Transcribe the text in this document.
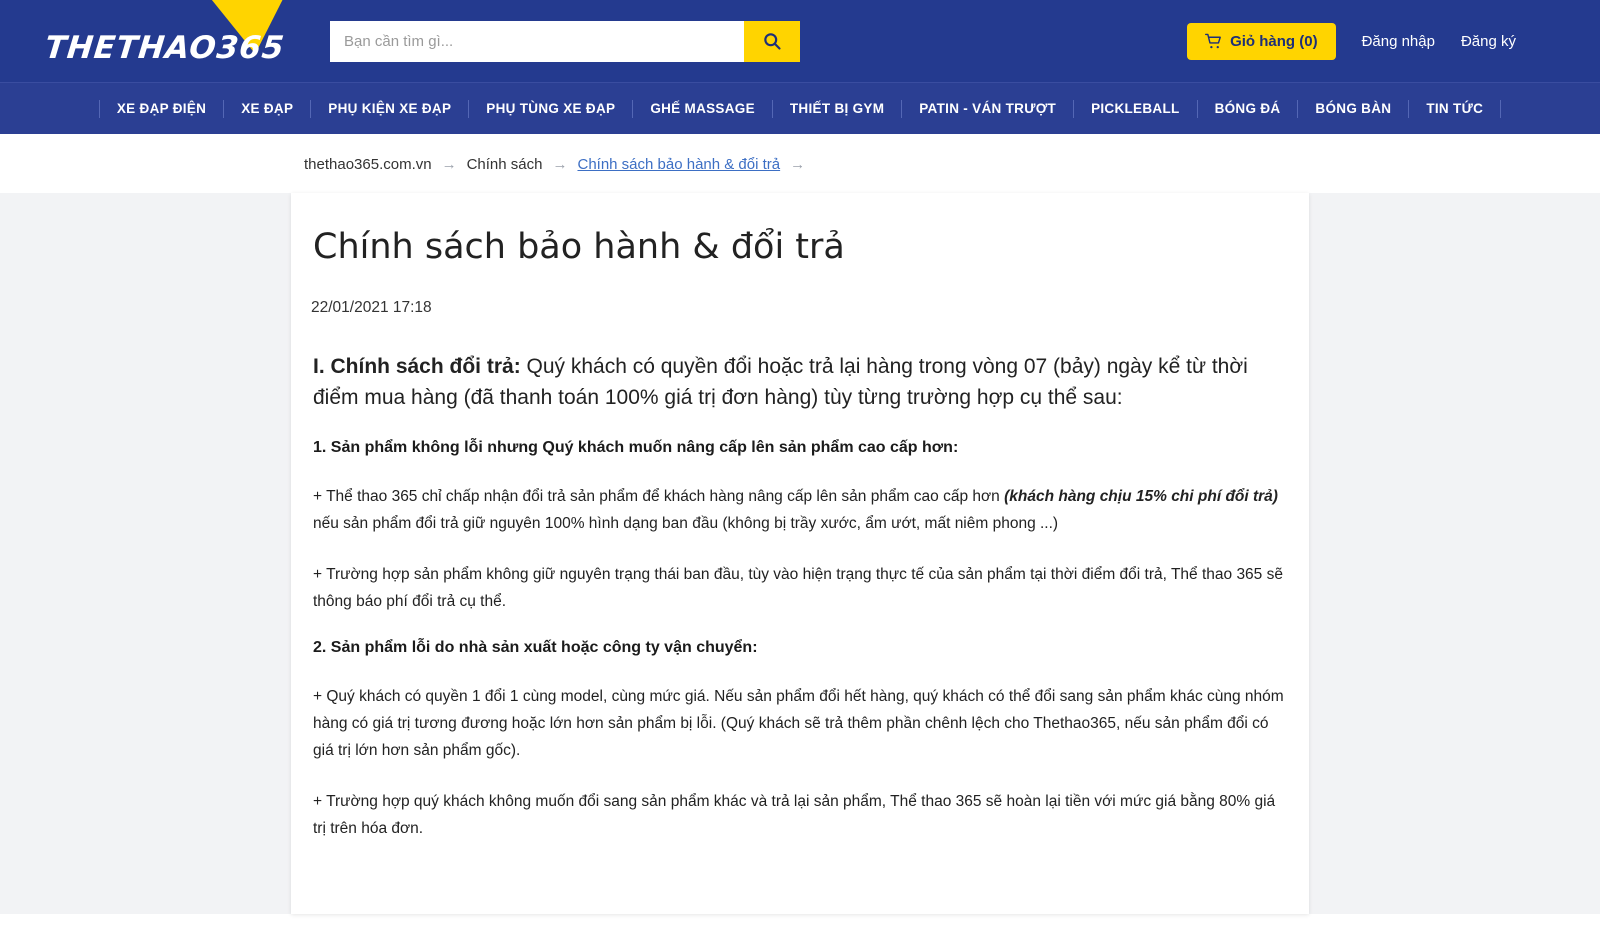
THETHAO365
Bạn cần tìm gì...	Giỏ hàng (0)	Đăng nhập Đăng ký
XE ĐẠP ĐIỆN	XE ĐẠP	PHỤ KIỆN XE ĐẠP	PHỤ TÙNG XE ĐẠP	GHẾ MASSAGE	THIẾT BỊ GYM	PATIN - VÁN TRƯỢT	PICKLEBALL	BÓNG ĐÁ	BÓNG BÀN	TIN TỨC
thethao365.com.vn → Chính sách → Chính sách bảo hành & đổi trả →
Chính sách bảo hành & đổi trả
22/01/2021 17:18

I. Chính sách đổi trả: Quý khách có quyền đổi hoặc trả lại hàng trong vòng 07 (bảy) ngày kể từ thời điểm mua hàng (đã thanh toán 100% giá trị đơn hàng) tùy từng trường hợp cụ thể sau:

1. Sản phẩm không lỗi nhưng Quý khách muốn nâng cấp lên sản phẩm cao cấp hơn:

+ Thể thao 365 chỉ chấp nhận đổi trả sản phẩm để khách hàng nâng cấp lên sản phẩm cao cấp hơn (khách hàng chịu 15% chi phí đổi trả) nếu sản phẩm đổi trả giữ nguyên 100% hình dạng ban đầu (không bị trầy xước, ẩm ướt, mất niêm phong ...)

+ Trường hợp sản phẩm không giữ nguyên trạng thái ban đầu, tùy vào hiện trạng thực tế của sản phẩm tại thời điểm đổi trả, Thể thao 365 sẽ thông báo phí đổi trả cụ thể.

2. Sản phẩm lỗi do nhà sản xuất hoặc công ty vận chuyển:

+ Quý khách có quyền 1 đổi 1 cùng model, cùng mức giá. Nếu sản phẩm đổi hết hàng, quý khách có thể đổi sang sản phẩm khác cùng nhóm hàng có giá trị tương đương hoặc lớn hơn sản phẩm bị lỗi. (Quý khách sẽ trả thêm phần chênh lệch cho Thethao365, nếu sản phẩm đổi có giá trị lớn hơn sản phẩm gốc).

+ Trường hợp quý khách không muốn đổi sang sản phẩm khác và trả lại sản phẩm, Thể thao 365 sẽ hoàn lại tiền với mức giá bằng 80% giá trị trên hóa đơn.
